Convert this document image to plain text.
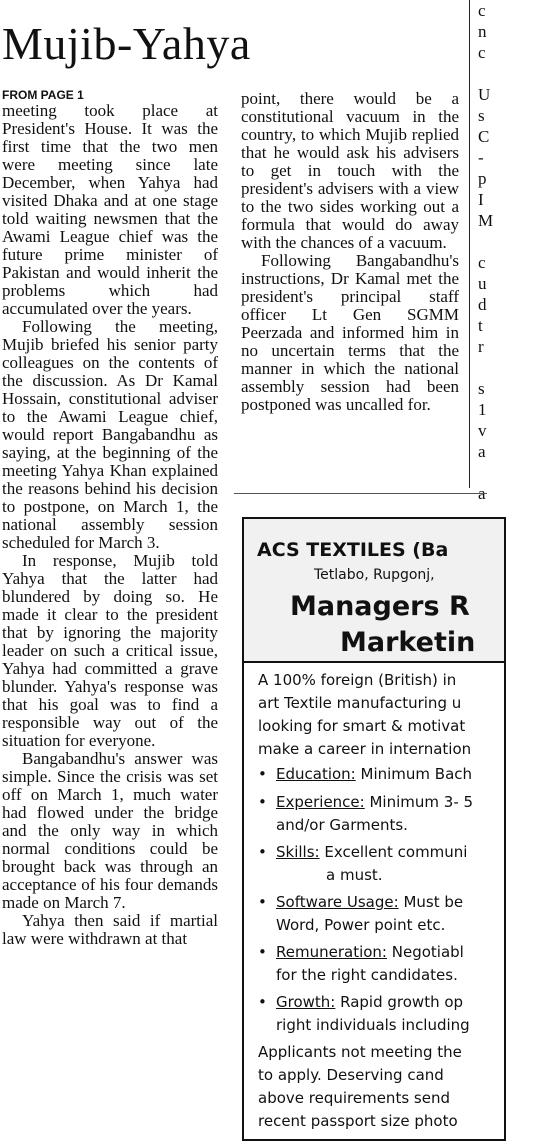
Mujib-Yahya
FROM PAGE 1

meeting took place at President's House. It was the first time that the two men were meeting since late December, when Yahya had visited Dhaka and at one stage told waiting newsmen that the Awami League chief was the future prime minister of Pakistan and would inherit the problems which had accumulated over the years.

Following the meeting, Mujib briefed his senior party colleagues on the contents of the discussion. As Dr Kamal Hossain, constitutional adviser to the Awami League chief, would report Bangabandhu as saying, at the beginning of the meeting Yahya Khan explained the reasons behind his decision to postpone, on March 1, the national assembly session scheduled for March 3.

In response, Mujib told Yahya that the latter had blundered by doing so. He made it clear to the president that by ignoring the majority leader on such a critical issue, Yahya had committed a grave blunder. Yahya's response was that his goal was to find a responsible way out of the situation for everyone.

Bangabandhu's answer was simple. Since the crisis was set off on March 1, much water had flowed under the bridge and the only way in which normal conditions could be brought back was through an acceptance of his four demands made on March 7.

Yahya then said if martial law were withdrawn at that

point, there would be a constitutional vacuum in the country, to which Mujib replied that he would ask his advisers to get in touch with the president's advisers with a view to the two sides working out a formula that would do away with the chances of a vacuum.

Following Bangabandhu's instructions, Dr Kamal met the president's principal staff officer Lt Gen SGMM Peerzada and informed him in no uncertain terms that the manner in which the national assembly session had been postponed was uncalled for.

c
n
c

U
s
C
-
p
I
M

c
u
d
t
r

s
1
v
a

ACS TEXTILES (Ba
Tetlabo, Rupgonj,
Managers R
Marketin

A 100% foreign (British) in

art Textile manufacturing u

looking for smart & motivat

make a career in internation

• Education: Minimum Bach
• Experience: Minimum 3- 5
and/or Garments.
• Skills: Excellent communi
a must.
• Software Usage: Must be
Word, Power point etc.
• Remuneration: Negotiabl
for the right candidates.
• Growth: Rapid growth op
right individuals including

Applicants not meeting the

to apply. Deserving cand

above requirements send

recent passport size photo
